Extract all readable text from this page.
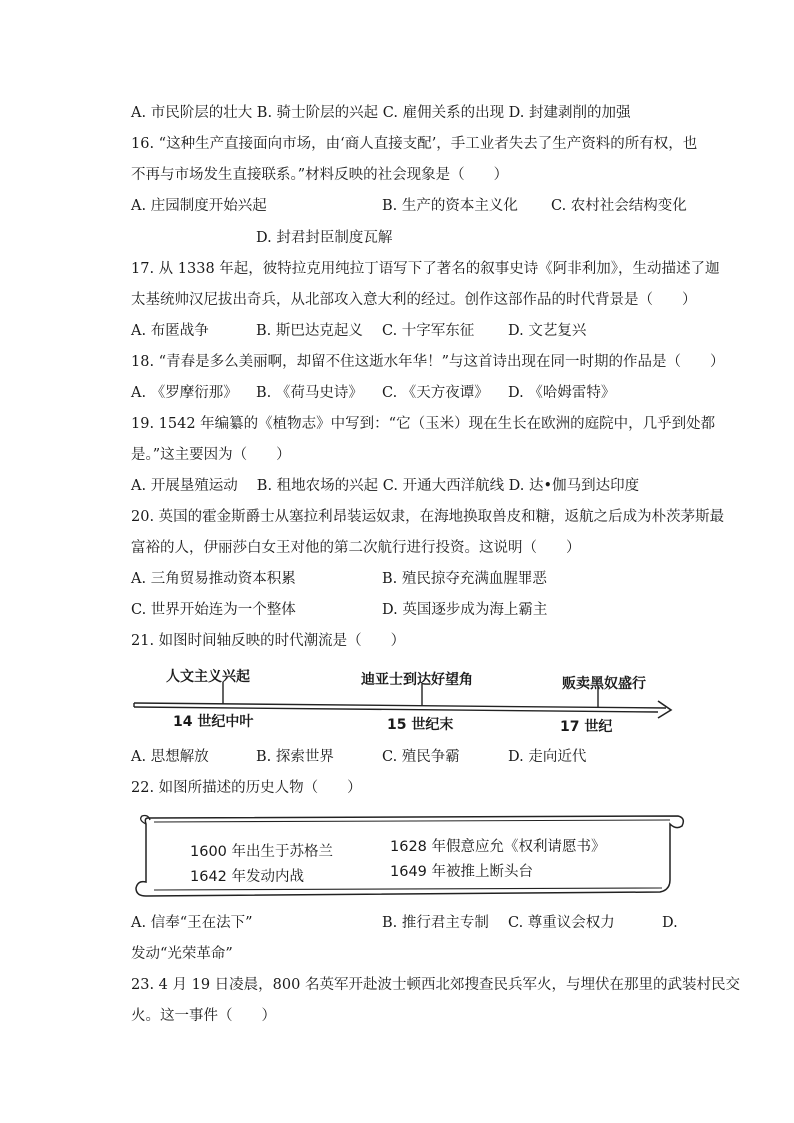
A. 市民阶层的壮大 B. 骑士阶层的兴起 C. 雇佣关系的出现 D. 封建剥削的加强
16. “这种生产直接面向市场，由‘商人直接支配’，手工业者失去了生产资料的所有权，也
不再与市场发生直接联系。”材料反映的社会现象是（　　）
A. 庄园制度开始兴起	B. 生产的资本主义化 C. 农村社会结构变化
D. 封君封臣制度瓦解
17. 从 1338 年起，彼特拉克用纯拉丁语写下了著名的叙事史诗《阿非利加》，生动描述了迦
太基统帅汉尼拔出奇兵，从北部攻入意大利的经过。创作这部作品的时代背景是（　　）
A. 布匿战争	B. 斯巴达克起义 C. 十字军东征 D. 文艺复兴
18. “青春是多么美丽啊，却留不住这逝水年华！”与这首诗出现在同一时期的作品是（　　）
A. 《罗摩衍那》 B. 《荷马史诗》 C. 《天方夜谭》 D. 《哈姆雷特》
19. 1542 年编纂的《植物志》中写到：“它（玉米）现在生长在欧洲的庭院中，几乎到处都
是。”这主要因为（　　）
A. 开展垦殖运动　 B. 租地农场的兴起 C. 开通大西洋航线 D. 达•伽马到达印度
20. 英国的霍金斯爵士从塞拉利昂装运奴隶，在海地换取兽皮和糖，返航之后成为朴茨茅斯最
富裕的人，伊丽莎白女王对他的第二次航行进行投资。这说明（　　）
A. 三角贸易推动资本积累	B. 殖民掠夺充满血腥罪恶
C. 世界开始连为一个整体	D. 英国逐步成为海上霸主
21. 如图时间轴反映的时代潮流是（　　）
人文主义兴起	迪亚士到达好望角	贩卖黑奴盛行
14 世纪中叶	15 世纪末	17 世纪
A. 思想解放	B. 探索世界	C. 殖民争霸	D. 走向近代
22. 如图所描述的历史人物（　　）
1600 年出生于苏格兰	1628 年假意应允《权利请愿书》
1642 年发动内战	1649 年被推上断头台
A. 信奉“王在法下”	B. 推行君主专制 C. 尊重议会权力	D.
发动“光荣革命”
23. 4 月 19 日凌晨，800 名英军开赴波士顿西北郊搜查民兵军火，与埋伏在那里的武装村民交
火。这一事件（　　）
